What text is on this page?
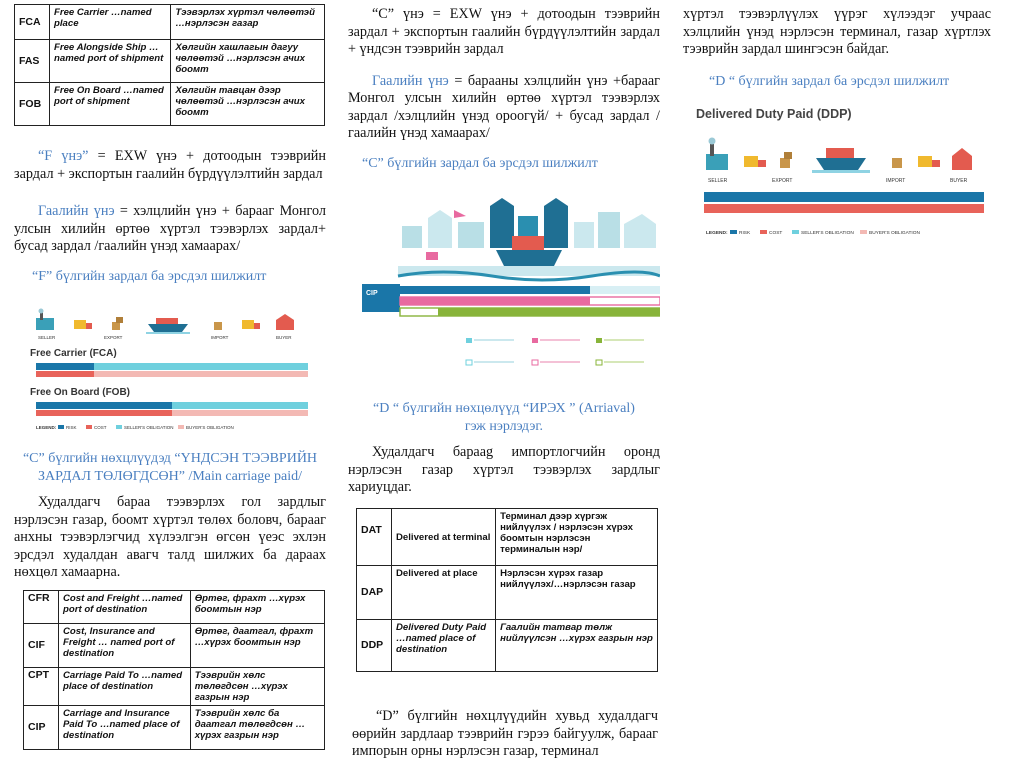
FCA	Free Carrier …named place	Тээвэрлэх хүртэл чөлөөтэй …нэрлэсэн газар
FAS	Free Alongside Ship …named port of shipment	Хөлгийн хашлагын дагуу чөлөөтэй …нэрлэсэн ачих боомт
FOB	Free On Board …named port of shipment	Хөлгийн тавцан дээр чөлөөтэй …нэрлэсэн ачих боомт

“F үнэ” = EXW үнэ + дотоодын тээврийн зардал + экспортын гаалийн бүрдүүлэлтийн зардал

Гаалийн үнэ = хэлцлийн үнэ + барааг Монгол улсын хилийн өртөө хүртэл тээвэрлэх зардал+ бусад зардал /гаалийн үнэд хамаарах/

“F” бүлгийн зардал ба эрсдэл шилжилт

SELLER	EXPORT	IMPORT	BUYER
Free Carrier (FCA)
Free On Board (FOB)
LEGEND: RISK	COST	SELLER'S OBLIGATION	BUYER'S OBLIGATION

“C” бүлгийн нөхцлүүдэд “ҮНДСЭН ТЭЭВРИЙН ЗАРДАЛ ТӨЛӨГДСӨН” /Main carriage paid/

Худалдагч бараа тээвэрлэх гол зардлыг нэрлэсэн газар, боомт хүртэл төлөх боловч, барааг анхны тээвэрлэгчид хүлээлгэн өгсөн үеэс эхлэн эрсдэл худалдан авагч талд шилжих ба дараах нөхцөл хамаарна.

CFR	Cost and Freight …named port of destination	Өртөг, фрахт …хүрэх боомтын нэр
CIF	Cost, Insurance and Freight … named port of destination	Өртөг, даатгал, фрахт …хүрэх боомтын нэр
CPT	Carriage Paid To …named place of destination	Тээврийн хөлс төлөгдсөн …хүрэх газрын нэр
CIP	Carriage and Insurance Paid To …named place of destination	Тээврийн хөлс ба даатгал төлөгдсөн …хүрэх газрын нэр

“C” үнэ = EXW үнэ + дотоодын тээврийн зардал + экспортын гаалийн бүрдүүлэлтийн зардал + үндсэн тээврийн зардал

Гаалийн үнэ = барааны хэлцлийн үнэ +барааг Монгол улсын хилийн өртөө хүртэл тээвэрлэх зардал /хэлцлийн үнэд ороогүй/ + бусад зардал /гаалийн үнэд хамаарах/

“C” бүлгийн зардал ба эрсдэл шилжилт

CIP

“D “ бүлгийн нөхцөлүүд “ИРЭХ ” (Arriaval) гэж нэрлэдэг.

Худалдагч бараag импортлогчийн оронд нэрлэсэн газар хүртэл тээвэрлэх зардлыг хариуцдаг.

DAT	Delivered at terminal	Терминал дээр хүргэж нийлүүлэх / нэрлэсэн хүрэх боомтын нэрлэсэн терминалын нэр/
DAP	Delivered at place	Нэрлэсэн хүрэх газар нийлүүлэх/…нэрлэсэн газар
DDP	Delivered Duty Paid …named place of destination	Гаалийн татвар төлж нийлүүлсэн …хүрэх газрын нэр

“D” бүлгийн нөхцлүүдийн хувьд худалдагч өөрийн зардлаар тээврийн гэрээ байгуулж, барааг импорын орны нэрлэсэн газар, терминал

хүртэл тээвэрлүүлэх үүрэг хүлээдэг учраас хэлцлийн үнэд нэрлэсэн терминал, газар хүртлэх тээврийн зардал шингэсэн байдаг.

“D “ бүлгийн зардал ба эрсдэл шилжилт

Delivered Duty Paid (DDP)
SELLER	EXPORT	IMPORT	BUYER
LEGEND: RISK	COST	SELLER'S OBLIGATION	BUYER'S OBLIGATION
